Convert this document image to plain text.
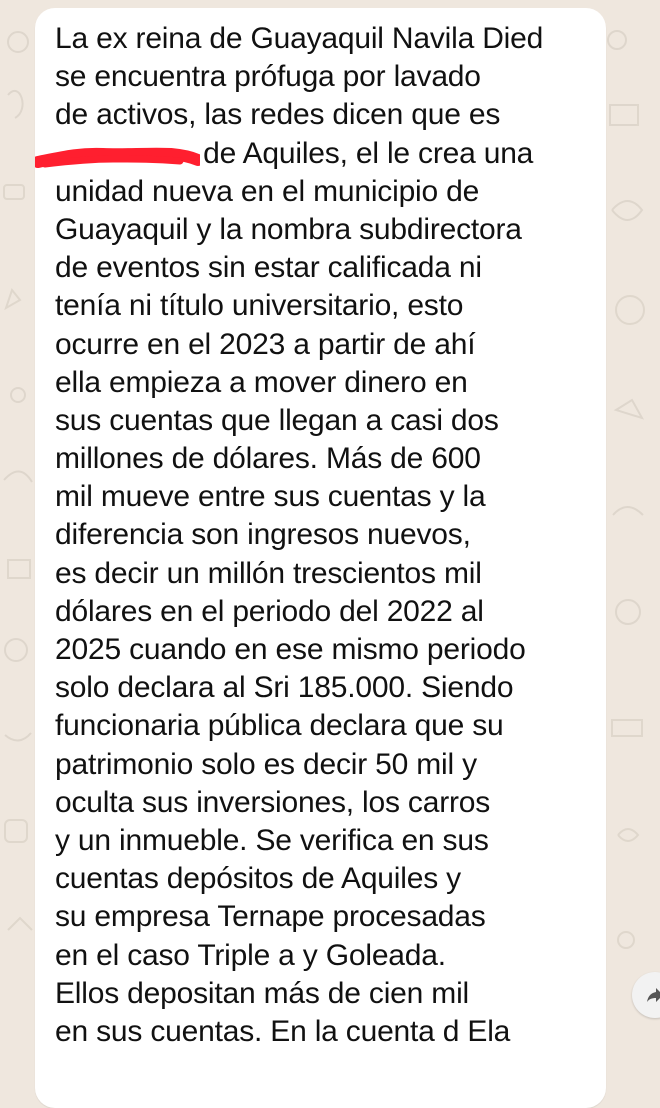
La ex reina de Guayaquil Navila Died
se encuentra prófuga por lavado
de activos, las redes dicen que es
de Aquiles, el le crea una
unidad nueva en el municipio de
Guayaquil y la nombra subdirectora
de eventos sin estar calificada ni
tenía ni título universitario, esto
ocurre en el 2023 a partir de ahí
ella empieza a mover dinero en
sus cuentas que llegan a casi dos
millones de dólares. Más de 600
mil mueve entre sus cuentas y la
diferencia son ingresos nuevos,
es decir un millón trescientos mil
dólares en el periodo del 2022 al
2025 cuando en ese mismo periodo
solo declara al Sri 185.000. Siendo
funcionaria pública declara que su
patrimonio solo es decir 50 mil y
oculta sus inversiones, los carros
y un inmueble. Se verifica en sus
cuentas depósitos de Aquiles y
su empresa Ternape procesadas
en el caso Triple a y Goleada.
Ellos depositan más de cien mil
en sus cuentas. En la cuenta d Ela
